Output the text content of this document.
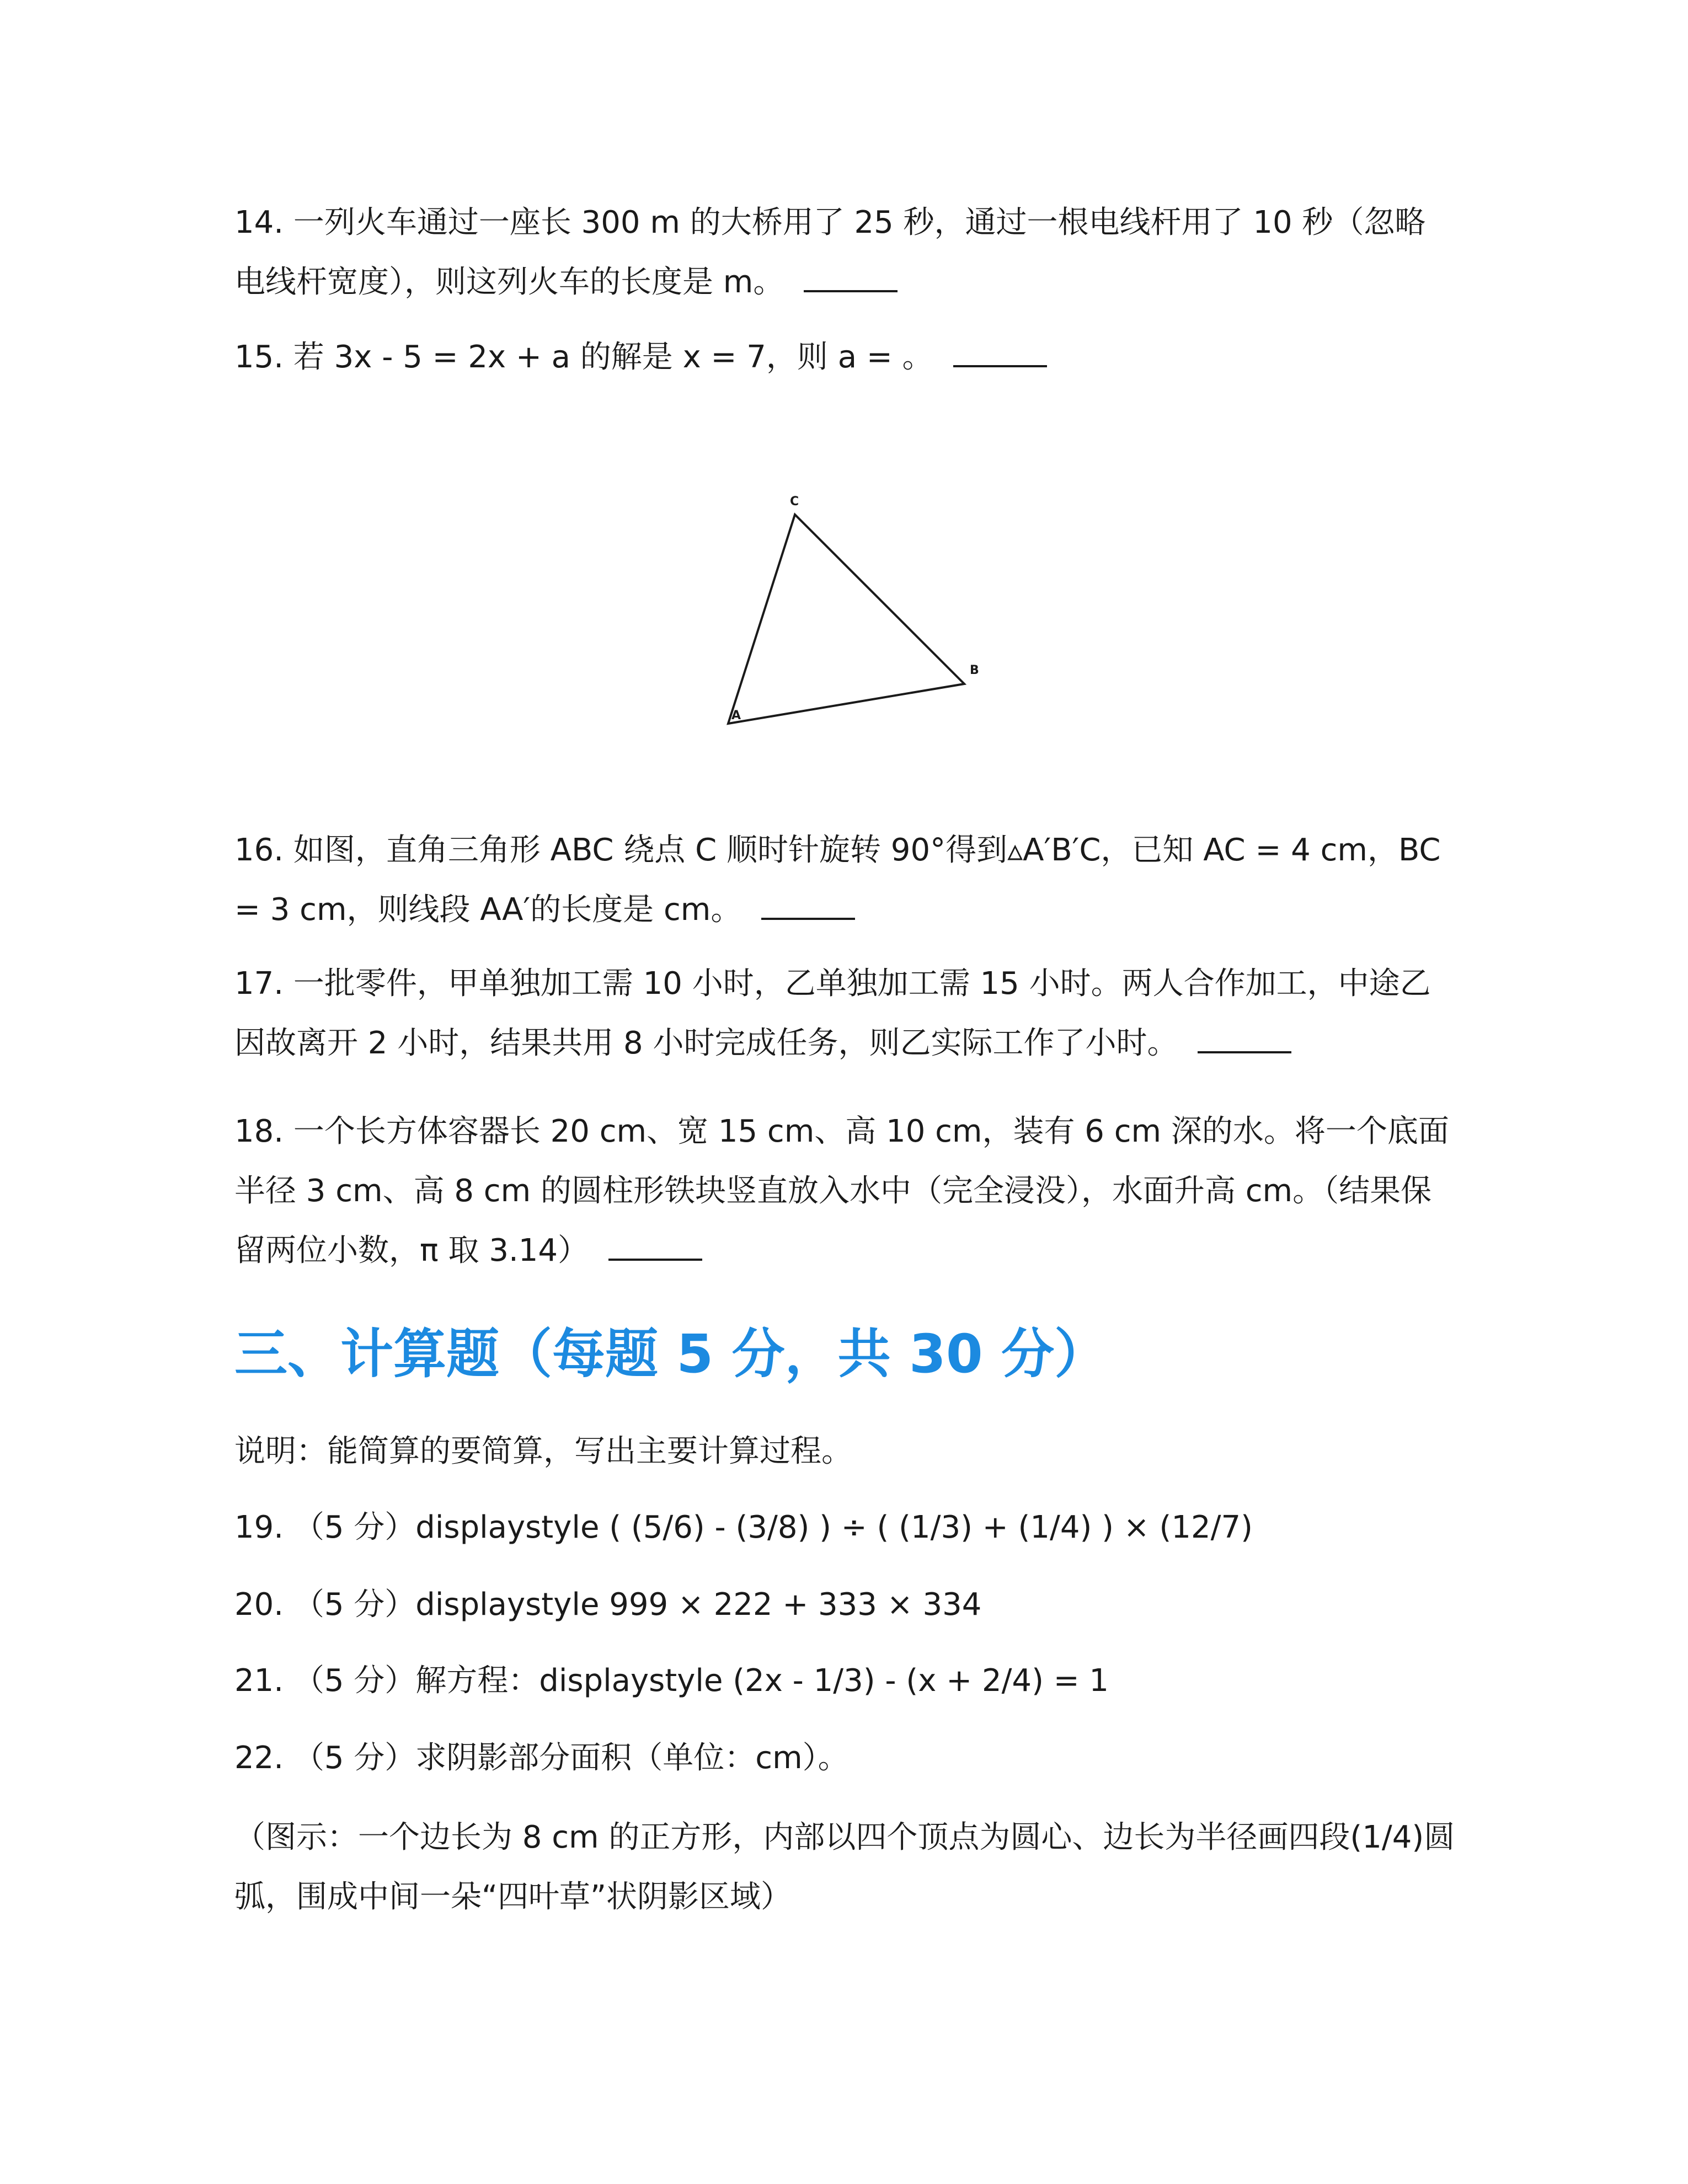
14. 一列火车通过一座长 300 m 的大桥用了 25 秒，通过一根电线杆用了 10 秒（忽略电线杆宽度），则这列火车的长度是 m。

15. 若 3x - 5 = 2x + a 的解是 x = 7，则 a = 。

A
B
C

16. 如图，直角三角形 ABC 绕点 C 顺时针旋转 90°得到▵A′B′C，已知 AC = 4 cm，BC = 3 cm，则线段 AA′的长度是 cm。

17. 一批零件，甲单独加工需 10 小时，乙单独加工需 15 小时。两人合作加工，中途乙因故离开 2 小时，结果共用 8 小时完成任务，则乙实际工作了小时。

18. 一个长方体容器长 20 cm、宽 15 cm、高 10 cm，装有 6 cm 深的水。将一个底面半径 3 cm、高 8 cm 的圆柱形铁块竖直放入水中（完全浸没），水面升高 cm。（结果保留两位小数，π 取 3.14）

三、计算题（每题 5 分，共 30 分）

说明：能简算的要简算，写出主要计算过程。

19. （5 分）displaystyle ( (5/6) - (3/8) ) ÷ ( (1/3) + (1/4) ) × (12/7)

20. （5 分）displaystyle 999 × 222 + 333 × 334

21. （5 分）解方程：displaystyle (2x - 1/3) - (x + 2/4) = 1

22. （5 分）求阴影部分面积（单位：cm）。

（图示：一个边长为 8 cm 的正方形，内部以四个顶点为圆心、边长为半径画四段(1/4)圆弧，围成中间一朵“四叶草”状阴影区域）
